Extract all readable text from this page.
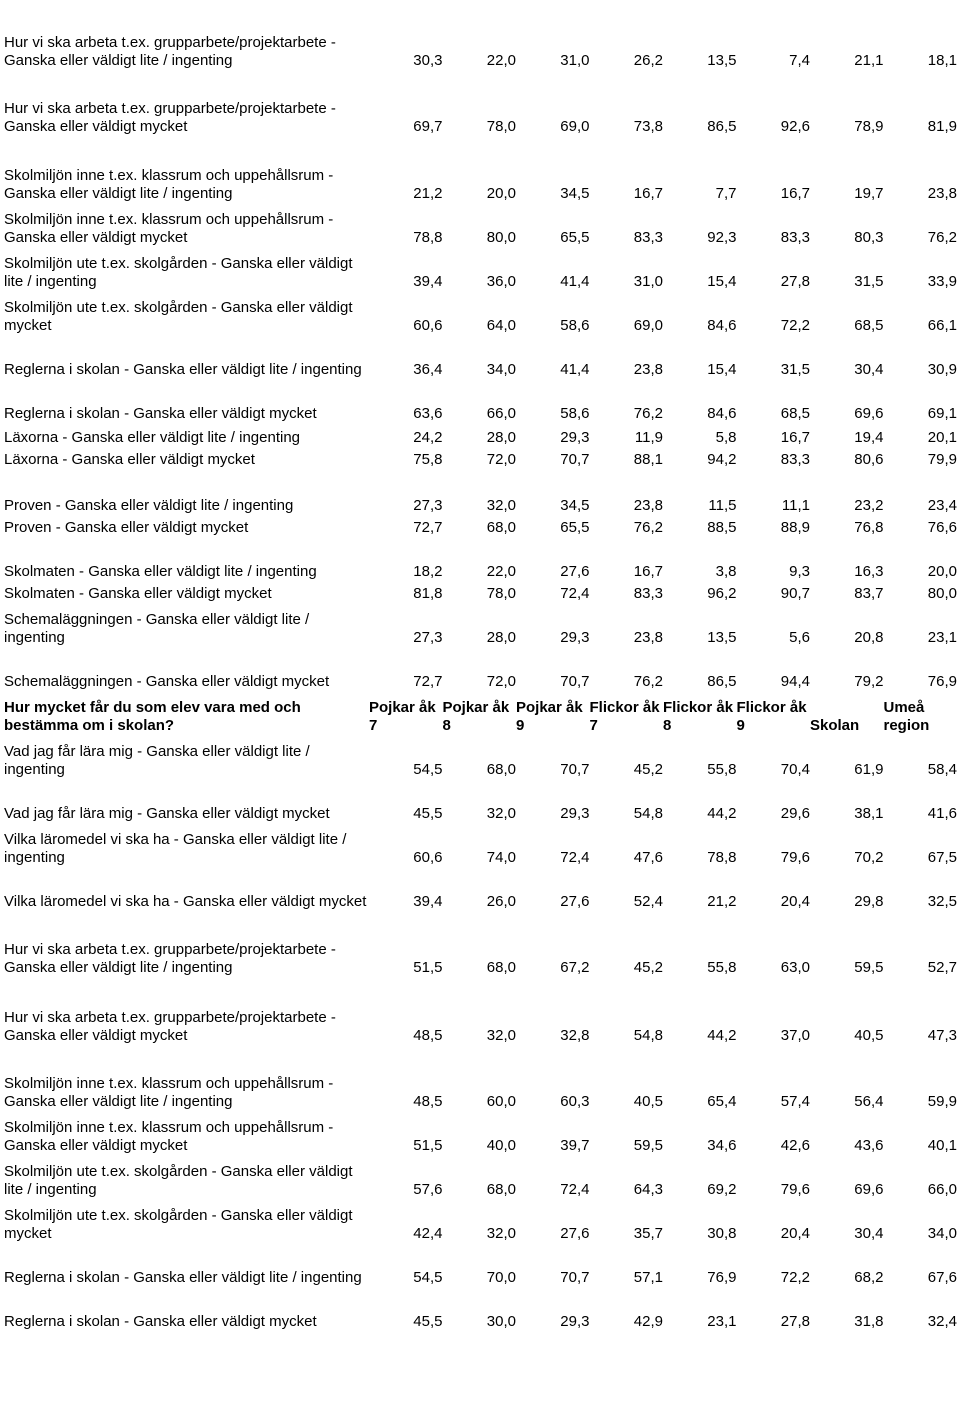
Hur vi ska arbeta t.ex. grupparbete/projektarbete - Ganska eller väldigt lite / ingenting	30,3	22,0	31,0	26,2	13,5	7,4	21,1	18,1
Hur vi ska arbeta t.ex. grupparbete/projektarbete - Ganska eller väldigt mycket	69,7	78,0	69,0	73,8	86,5	92,6	78,9	81,9
Skolmiljön inne t.ex. klassrum och uppehållsrum - Ganska eller väldigt lite / ingenting	21,2	20,0	34,5	16,7	7,7	16,7	19,7	23,8
Skolmiljön inne t.ex. klassrum och uppehållsrum - Ganska eller väldigt mycket	78,8	80,0	65,5	83,3	92,3	83,3	80,3	76,2
Skolmiljön ute t.ex. skolgården - Ganska eller väldigt lite / ingenting	39,4	36,0	41,4	31,0	15,4	27,8	31,5	33,9
Skolmiljön ute t.ex. skolgården - Ganska eller väldigt mycket	60,6	64,0	58,6	69,0	84,6	72,2	68,5	66,1
Reglerna i skolan - Ganska eller väldigt lite / ingenting	36,4	34,0	41,4	23,8	15,4	31,5	30,4	30,9
Reglerna i skolan - Ganska eller väldigt mycket	63,6	66,0	58,6	76,2	84,6	68,5	69,6	69,1
Läxorna - Ganska eller väldigt lite / ingenting	24,2	28,0	29,3	11,9	5,8	16,7	19,4	20,1
Läxorna - Ganska eller väldigt mycket	75,8	72,0	70,7	88,1	94,2	83,3	80,6	79,9
Proven - Ganska eller väldigt lite / ingenting	27,3	32,0	34,5	23,8	11,5	11,1	23,2	23,4
Proven - Ganska eller väldigt mycket	72,7	68,0	65,5	76,2	88,5	88,9	76,8	76,6
Skolmaten - Ganska eller väldigt lite / ingenting	18,2	22,0	27,6	16,7	3,8	9,3	16,3	20,0
Skolmaten - Ganska eller väldigt mycket	81,8	78,0	72,4	83,3	96,2	90,7	83,7	80,0
Schemaläggningen - Ganska eller väldigt lite / ingenting	27,3	28,0	29,3	23,8	13,5	5,6	20,8	23,1
Schemaläggningen - Ganska eller väldigt mycket	72,7	72,0	70,7	76,2	86,5	94,4	79,2	76,9
Hur mycket får du som elev vara med och bestämma om i skolan?	Pojkar åk 7	Pojkar åk 8	Pojkar åk 9	Flickor åk 7	Flickor åk 8	Flickor åk 9	Skolan	Umeå region
Vad jag får lära mig - Ganska eller väldigt lite / ingenting	54,5	68,0	70,7	45,2	55,8	70,4	61,9	58,4
Vad jag får lära mig - Ganska eller väldigt mycket	45,5	32,0	29,3	54,8	44,2	29,6	38,1	41,6
Vilka läromedel vi ska ha - Ganska eller väldigt lite / ingenting	60,6	74,0	72,4	47,6	78,8	79,6	70,2	67,5
Vilka läromedel vi ska ha - Ganska eller väldigt mycket	39,4	26,0	27,6	52,4	21,2	20,4	29,8	32,5
Hur vi ska arbeta t.ex. grupparbete/projektarbete - Ganska eller väldigt lite / ingenting	51,5	68,0	67,2	45,2	55,8	63,0	59,5	52,7
Hur vi ska arbeta t.ex. grupparbete/projektarbete - Ganska eller väldigt mycket	48,5	32,0	32,8	54,8	44,2	37,0	40,5	47,3
Skolmiljön inne t.ex. klassrum och uppehållsrum - Ganska eller väldigt lite / ingenting	48,5	60,0	60,3	40,5	65,4	57,4	56,4	59,9
Skolmiljön inne t.ex. klassrum och uppehållsrum - Ganska eller väldigt mycket	51,5	40,0	39,7	59,5	34,6	42,6	43,6	40,1
Skolmiljön ute t.ex. skolgården - Ganska eller väldigt lite / ingenting	57,6	68,0	72,4	64,3	69,2	79,6	69,6	66,0
Skolmiljön ute t.ex. skolgården - Ganska eller väldigt mycket	42,4	32,0	27,6	35,7	30,8	20,4	30,4	34,0
Reglerna i skolan - Ganska eller väldigt lite / ingenting	54,5	70,0	70,7	57,1	76,9	72,2	68,2	67,6
Reglerna i skolan - Ganska eller väldigt mycket	45,5	30,0	29,3	42,9	23,1	27,8	31,8	32,4
